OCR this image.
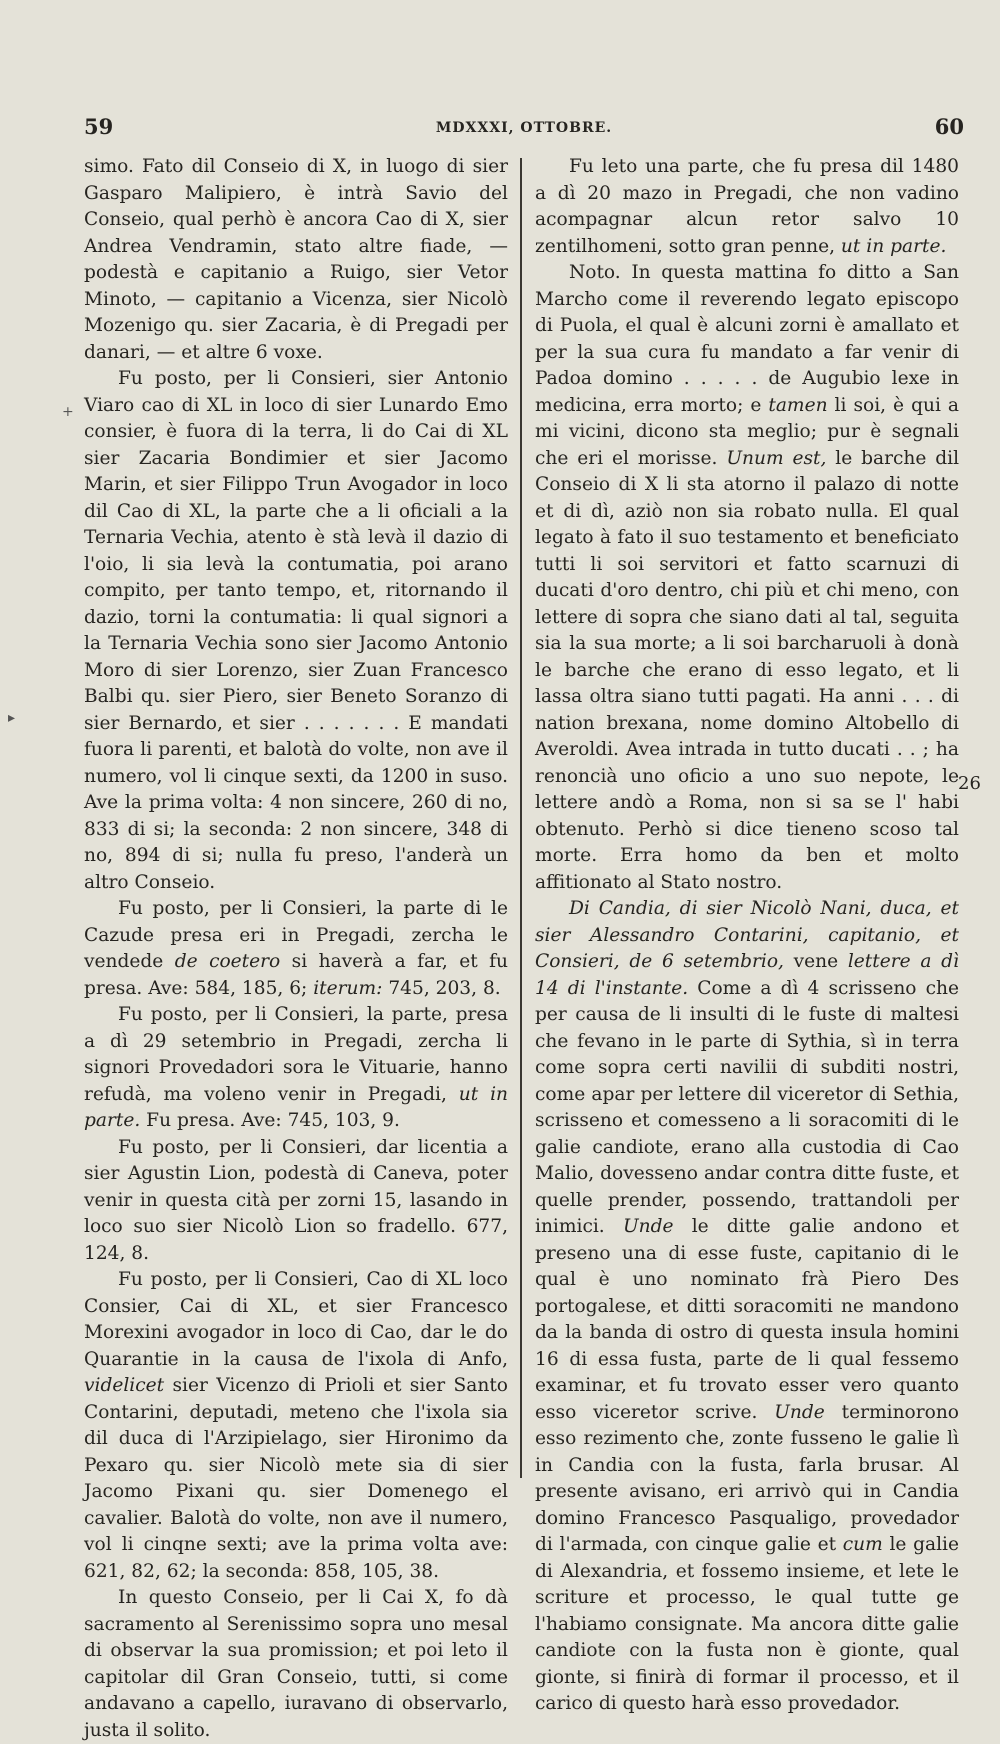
59	MDXXXI, OTTOBRE.	60
+
▸

simo. Fato dil Conseio di X, in luogo di sier Gasparo Malipiero, è intrà Savio del Conseio, qual perhò è ancora Cao di X, sier Andrea Vendramin, stato altre fiade, — podestà e capitanio a Ruigo, sier Vetor Minoto, — capitanio a Vicenza, sier Nicolò Mozenigo qu. sier Zacaria, è di Pregadi per danari, — et altre 6 voxe.

Fu posto, per li Consieri, sier Antonio Viaro cao di XL in loco di sier Lunardo Emo consier, è fuora di la terra, li do Cai di XL sier Zacaria Bondimier et sier Jacomo Marin, et sier Filippo Trun Avogador in loco dil Cao di XL, la parte che a li oficiali a la Ternaria Vechia, atento è stà levà il dazio di l'oio, li sia levà la contumatia, poi arano compito, per tanto tempo, et, ritornando il dazio, torni la contumatia: li qual signori a la Ternaria Vechia sono sier Jacomo Antonio Moro di sier Lorenzo, sier Zuan Francesco Balbi qu. sier Piero, sier Beneto Soranzo di sier Bernardo, et sier . . . . . . . E mandati fuora li parenti, et balotà do volte, non ave il numero, vol li cinque sexti, da 1200 in suso. Ave la prima volta: 4 non sincere, 260 di no, 833 di si; la seconda: 2 non sincere, 348 di no, 894 di si; nulla fu preso, l'anderà un altro Conseio.

Fu posto, per li Consieri, la parte di le Cazude presa eri in Pregadi, zercha le vendede de coetero si haverà a far, et fu presa. Ave: 584, 185, 6; iterum: 745, 203, 8.

Fu posto, per li Consieri, la parte, presa a dì 29 setembrio in Pregadi, zercha li signori Provedadori sora le Vituarie, hanno refudà, ma voleno venir in Pregadi, ut in parte. Fu presa. Ave: 745, 103, 9.

Fu posto, per li Consieri, dar licentia a sier Agustin Lion, podestà di Caneva, poter venir in questa cità per zorni 15, lasando in loco suo sier Nicolò Lion so fradello. 677, 124, 8.

Fu posto, per li Consieri, Cao di XL loco Consier, Cai di XL, et sier Francesco Morexini avogador in loco di Cao, dar le do Quarantie in la causa de l'ixola di Anfo, videlicet sier Vicenzo di Prioli et sier Santo Contarini, deputadi, meteno che l'ixola sia dil duca di l'Arzipielago, sier Hironimo da Pexaro qu. sier Nicolò mete sia di sier Jacomo Pixani qu. sier Domenego el cavalier. Balotà do volte, non ave il numero, vol li cinqne sexti; ave la prima volta ave: 621, 82, 62; la seconda: 858, 105, 38.

In questo Conseio, per li Cai X, fo dà sacramento al Serenissimo sopra uno mesal di observar la sua promission; et poi leto il capitolar dil Gran Conseio, tutti, si come andavano a capello, iuravano di observarlo, justa il solito.

Fu leto una parte, che fu presa dil 1480 a dì 20 mazo in Pregadi, che non vadino acompagnar alcun retor salvo 10 zentilhomeni, sotto gran penne, ut in parte.

Noto. In questa mattina fo ditto a San Marcho come il reverendo legato episcopo di Puola, el qual è alcuni zorni è amallato et per la sua cura fu mandato a far venir di Padoa domino . . . . . de Augubio lexe in medicina, erra morto; e tamen li soi, è qui a mi vicini, dicono sta meglio; pur è segnali che eri el morisse. Unum est, le barche dil Conseio di X li sta atorno il palazo di notte et di dì, aziò non sia robato nulla. El qual legato à fato il suo testamento et beneficiato tutti li soi servitori et fatto scarnuzi di ducati d'oro dentro, chi più et chi meno, con lettere di sopra che siano dati al tal, seguita sia la sua morte; a li soi barcharuoli à donà le barche che erano di esso legato, et li lassa oltra siano tutti pagati. Ha anni . . . di nation brexana, nome domino Altobello di Averoldi. Avea intrada in tutto ducati . . ; ha renoncià uno oficio a uno suo nepote, le lettere andò a Roma, non si sa se l' habi obtenuto. Perhò si dice tieneno scoso tal morte. Erra homo da ben et molto affitionato al Stato nostro.

Di Candia, di sier Nicolò Nani, duca, et sier Alessandro Contarini, capitanio, et Consieri, de 6 setembrio, vene lettere a dì 14 di l'instante. Come a dì 4 scrisseno che per causa de li insulti di le fuste di maltesi che fevano in le parte di Sythia, sì in terra come sopra certi navilii di subditi nostri, come apar per lettere dil viceretor di Sethia, scrisseno et comesseno a li soracomiti di le galie candiote, erano alla custodia di Cao Malio, dovesseno andar contra ditte fuste, et quelle prender, possendo, trattandoli per inimici. Unde le ditte galie andono et preseno una di esse fuste, capitanio di le qual è uno nominato frà Piero Des portogalese, et ditti soracomiti ne mandono da la banda di ostro di questa insula homini 16 di essa fusta, parte de li qual fessemo examinar, et fu trovato esser vero quanto esso viceretor scrive. Unde terminorono esso rezimento che, zonte fusseno le galie lì in Candia con la fusta, farla brusar. Al presente avisano, eri arrivò qui in Candia domino Francesco Pasqualigo, provedador di l'armada, con cinque galie et cum le galie di Alexandria, et fossemo insieme, et lete le scriture et processo, le qual tutte ge l'habiamo consignate. Ma ancora ditte galie candiote con la fusta non è gionte, qual gionte, si finirà di formar il processo, et il carico di questo harà esso provedador.

26
